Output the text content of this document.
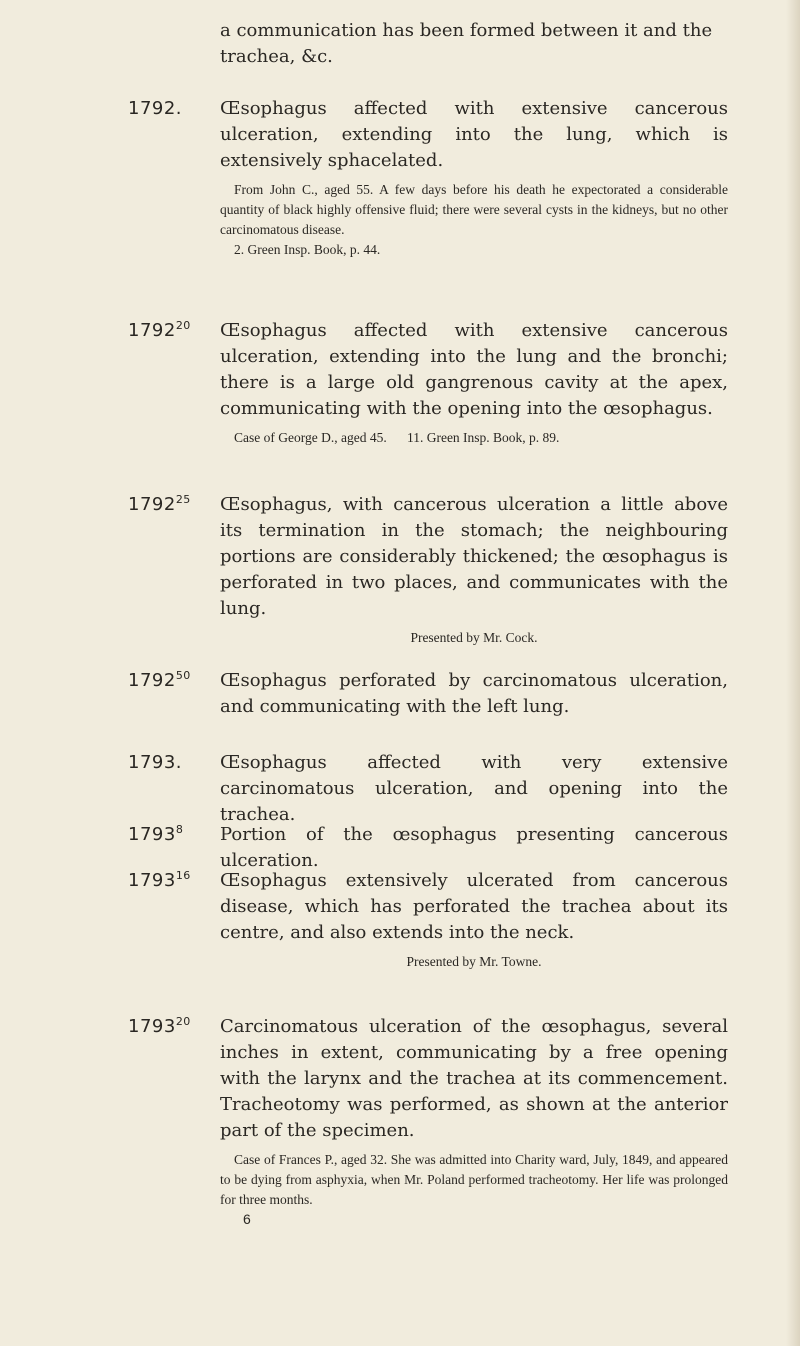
a communication has been formed between it and the trachea, &c.
1792. Œsophagus affected with extensive cancerous ulceration, extending into the lung, which is extensively sphacelated.
From John C., aged 55. A few days before his death he expectorated a considerable quantity of black highly offensive fluid; there were several cysts in the kidneys, but no other carcinomatous disease.
2. Green Insp. Book, p. 44.
1792$^{20}$ Œsophagus affected with extensive cancerous ulceration, extending into the lung and the bronchi; there is a large old gangrenous cavity at the apex, communicating with the opening into the œsophagus.
Case of George D., aged 45.      11. Green Insp. Book, p. 89.
1792$^{25}$ Œsophagus, with cancerous ulceration a little above its termination in the stomach; the neighbouring portions are considerably thickened; the œsophagus is perforated in two places, and communicates with the lung.
Presented by Mr. Cock.
1792$^{50}$ Œsophagus perforated by carcinomatous ulceration, and communicating with the left lung.
1793. Œsophagus affected with very extensive carcinomatous ulceration, and opening into the trachea.
1793$^8$ Portion of the œsophagus presenting cancerous ulceration.
1793$^{16}$ Œsophagus extensively ulcerated from cancerous disease, which has perforated the trachea about its centre, and also extends into the neck.
Presented by Mr. Towne.
1793$^{20}$ Carcinomatous ulceration of the œsophagus, several inches in extent, communicating by a free opening with the larynx and the trachea at its commencement. Tracheotomy was performed, as shown at the anterior part of the specimen.
Case of Frances P., aged 32. She was admitted into Charity ward, July, 1849, and appeared to be dying from asphyxia, when Mr. Poland performed tracheotomy. Her life was prolonged for three months.
6
